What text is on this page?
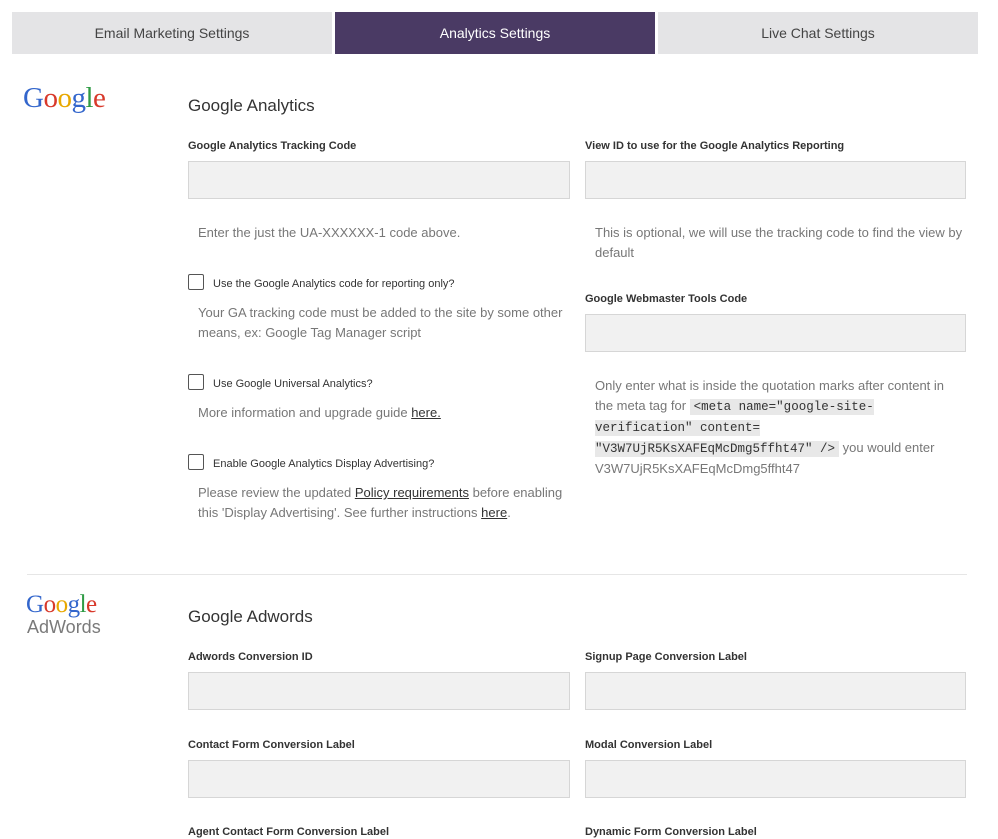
Email Marketing Settings	Analytics Settings	Live Chat Settings
Google	Google Analytics
Google Analytics Tracking Code
Enter the just the UA-XXXXXX-1 code above.
View ID to use for the Google Analytics Reporting
This is optional, we will use the tracking code to find the view by default
Use the Google Analytics code for reporting only?
Your GA tracking code must be added to the site by some other means, ex: Google Tag Manager script
Use Google Universal Analytics?
More information and upgrade guide here.
Enable Google Analytics Display Advertising?
Please review the updated Policy requirements before enabling this 'Display Advertising'. See further instructions here.
Google Webmaster Tools Code
Only enter what is inside the quotation marks after content in the meta tag for <meta name="google-site-verification" content= "V3W7UjR5KsXAFEqMcDmg5ffht47" /> you would enter V3W7UjR5KsXAFEqMcDmg5ffht47
Google
AdWords
Google Adwords
Adwords Conversion ID	Signup Page Conversion Label
Contact Form Conversion Label	Modal Conversion Label
Agent Contact Form Conversion Label	Dynamic Form Conversion Label
